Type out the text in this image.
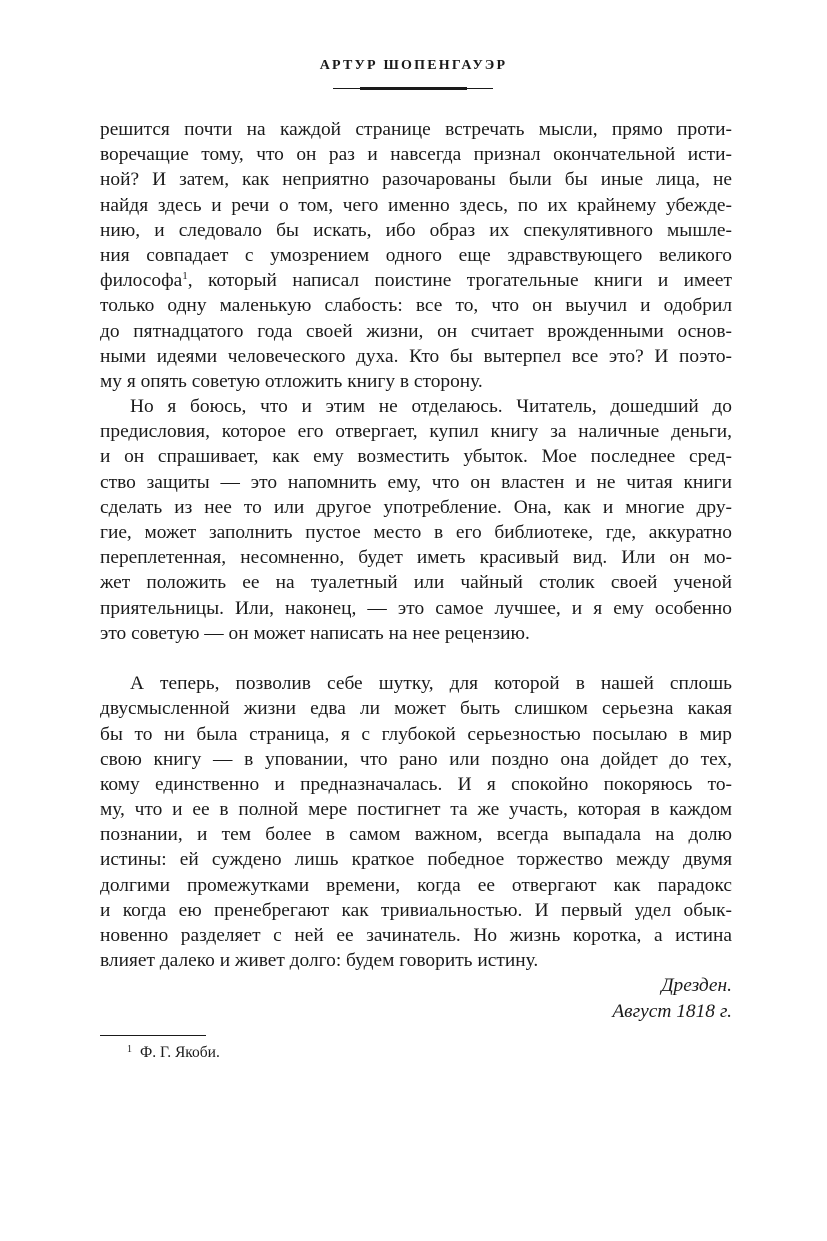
АРТУР ШОПЕНГАУЭР
решится почти на каждой странице встречать мысли, прямо проти-
воречащие тому, что он раз и навсегда признал окончательной исти-
ной? И затем, как неприятно разочарованы были бы иные лица, не
найдя здесь и речи о том, чего именно здесь, по их крайнему убежде-
нию, и следовало бы искать, ибо образ их спекулятивного мышле-
ния совпадает с умозрением одного еще здравствующего великого
философа$^1$, который написал поистине трогательные книги и имеет
только одну маленькую слабость: все то, что он выучил и одобрил
до пятнадцатого года своей жизни, он считает врожденными основ-
ными идеями человеческого духа. Кто бы вытерпел все это? И поэто-
му я опять советую отложить книгу в сторону.
Но я боюсь, что и этим не отделаюсь. Читатель, дошедший до
предисловия, которое его отвергает, купил книгу за наличные деньги,
и он спрашивает, как ему возместить убыток. Мое последнее сред-
ство защиты — это напомнить ему, что он властен и не читая книги
сделать из нее то или другое употребление. Она, как и многие дру-
гие, может заполнить пустое место в его библиотеке, где, аккуратно
переплетенная, несомненно, будет иметь красивый вид. Или он мо-
жет положить ее на туалетный или чайный столик своей ученой
приятельницы. Или, наконец, — это самое лучшее, и я ему особенно
это советую — он может написать на нее рецензию.
А теперь, позволив себе шутку, для которой в нашей сплошь
двусмысленной жизни едва ли может быть слишком серьезна какая
бы то ни была страница, я с глубокой серьезностью посылаю в мир
свою книгу — в уповании, что рано или поздно она дойдет до тех,
кому единственно и предназначалась. И я спокойно покоряюсь то-
му, что и ее в полной мере постигнет та же участь, которая в каждом
познании, и тем более в самом важном, всегда выпадала на долю
истины: ей суждено лишь краткое победное торжество между двумя
долгими промежутками времени, когда ее отвергают как парадокс
и когда ею пренебрегают как тривиальностью. И первый удел обык-
новенно разделяет с ней ее зачинатель. Но жизнь коротка, а истина
влияет далеко и живет долго: будем говорить истину.
Дрезден.
Август 1818 г.
$^1$ Ф. Г. Якоби.
